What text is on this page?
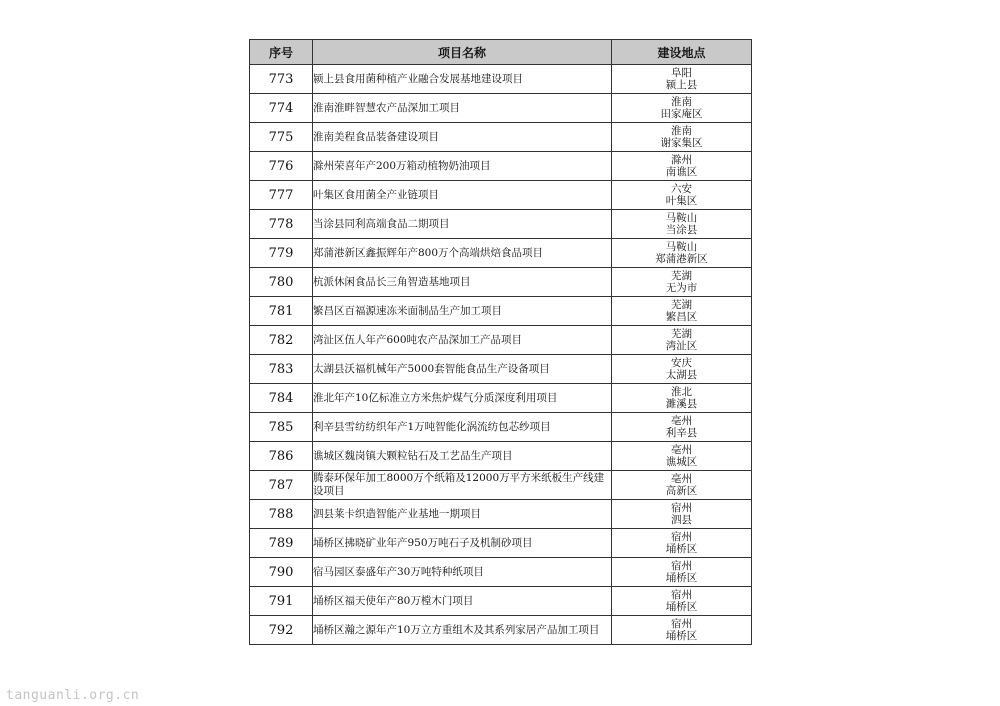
序号	项目名称	建设地点
773	颍上县食用菌种植产业融合发展基地建设项目	阜阳
颍上县

774	淮南淮畔智慧农产品深加工项目	淮南
田家庵区

775	淮南美程食品装备建设项目	淮南
谢家集区

776	滁州荣喜年产200万箱动植物奶油项目	滁州
南谯区

777	叶集区食用菌全产业链项目	六安
叶集区

778	当涂县同利高端食品二期项目	马鞍山
当涂县

779	郑蒲港新区鑫振辉年产800万个高端烘焙食品项目	马鞍山
郑蒲港新区

780	杭派休闲食品长三角智造基地项目	芜湖
无为市

781	繁昌区百福源速冻米面制品生产加工项目	芜湖
繁昌区

782	湾沚区伍人年产600吨农产品深加工产品项目	芜湖
湾沚区

783	太湖县沃福机械年产5000套智能食品生产设备项目	安庆
太湖县

784	淮北年产10亿标准立方米焦炉煤气分质深度利用项目	淮北
濉溪县

785	利辛县雪纺纺织年产1万吨智能化涡流纺包芯纱项目	亳州
利辛县

786	谯城区魏岗镇大颗粒钻石及工艺品生产项目	亳州
谯城区

787	腾泰环保年加工8000万个纸箱及12000万平方米纸板生产线建设项目	亳州
高新区

788	泗县莱卡织造智能产业基地一期项目	宿州
泗县

789	埇桥区拂晓矿业年产950万吨石子及机制砂项目	宿州
埇桥区

790	宿马园区泰盛年产30万吨特种纸项目	宿州
埇桥区

791	埇桥区福天使年产80万樘木门项目	宿州
埇桥区

792	埇桥区瀚之源年产10万立方重组木及其系列家居产品加工项目	宿州
埇桥区
tanguanli.org.cn
